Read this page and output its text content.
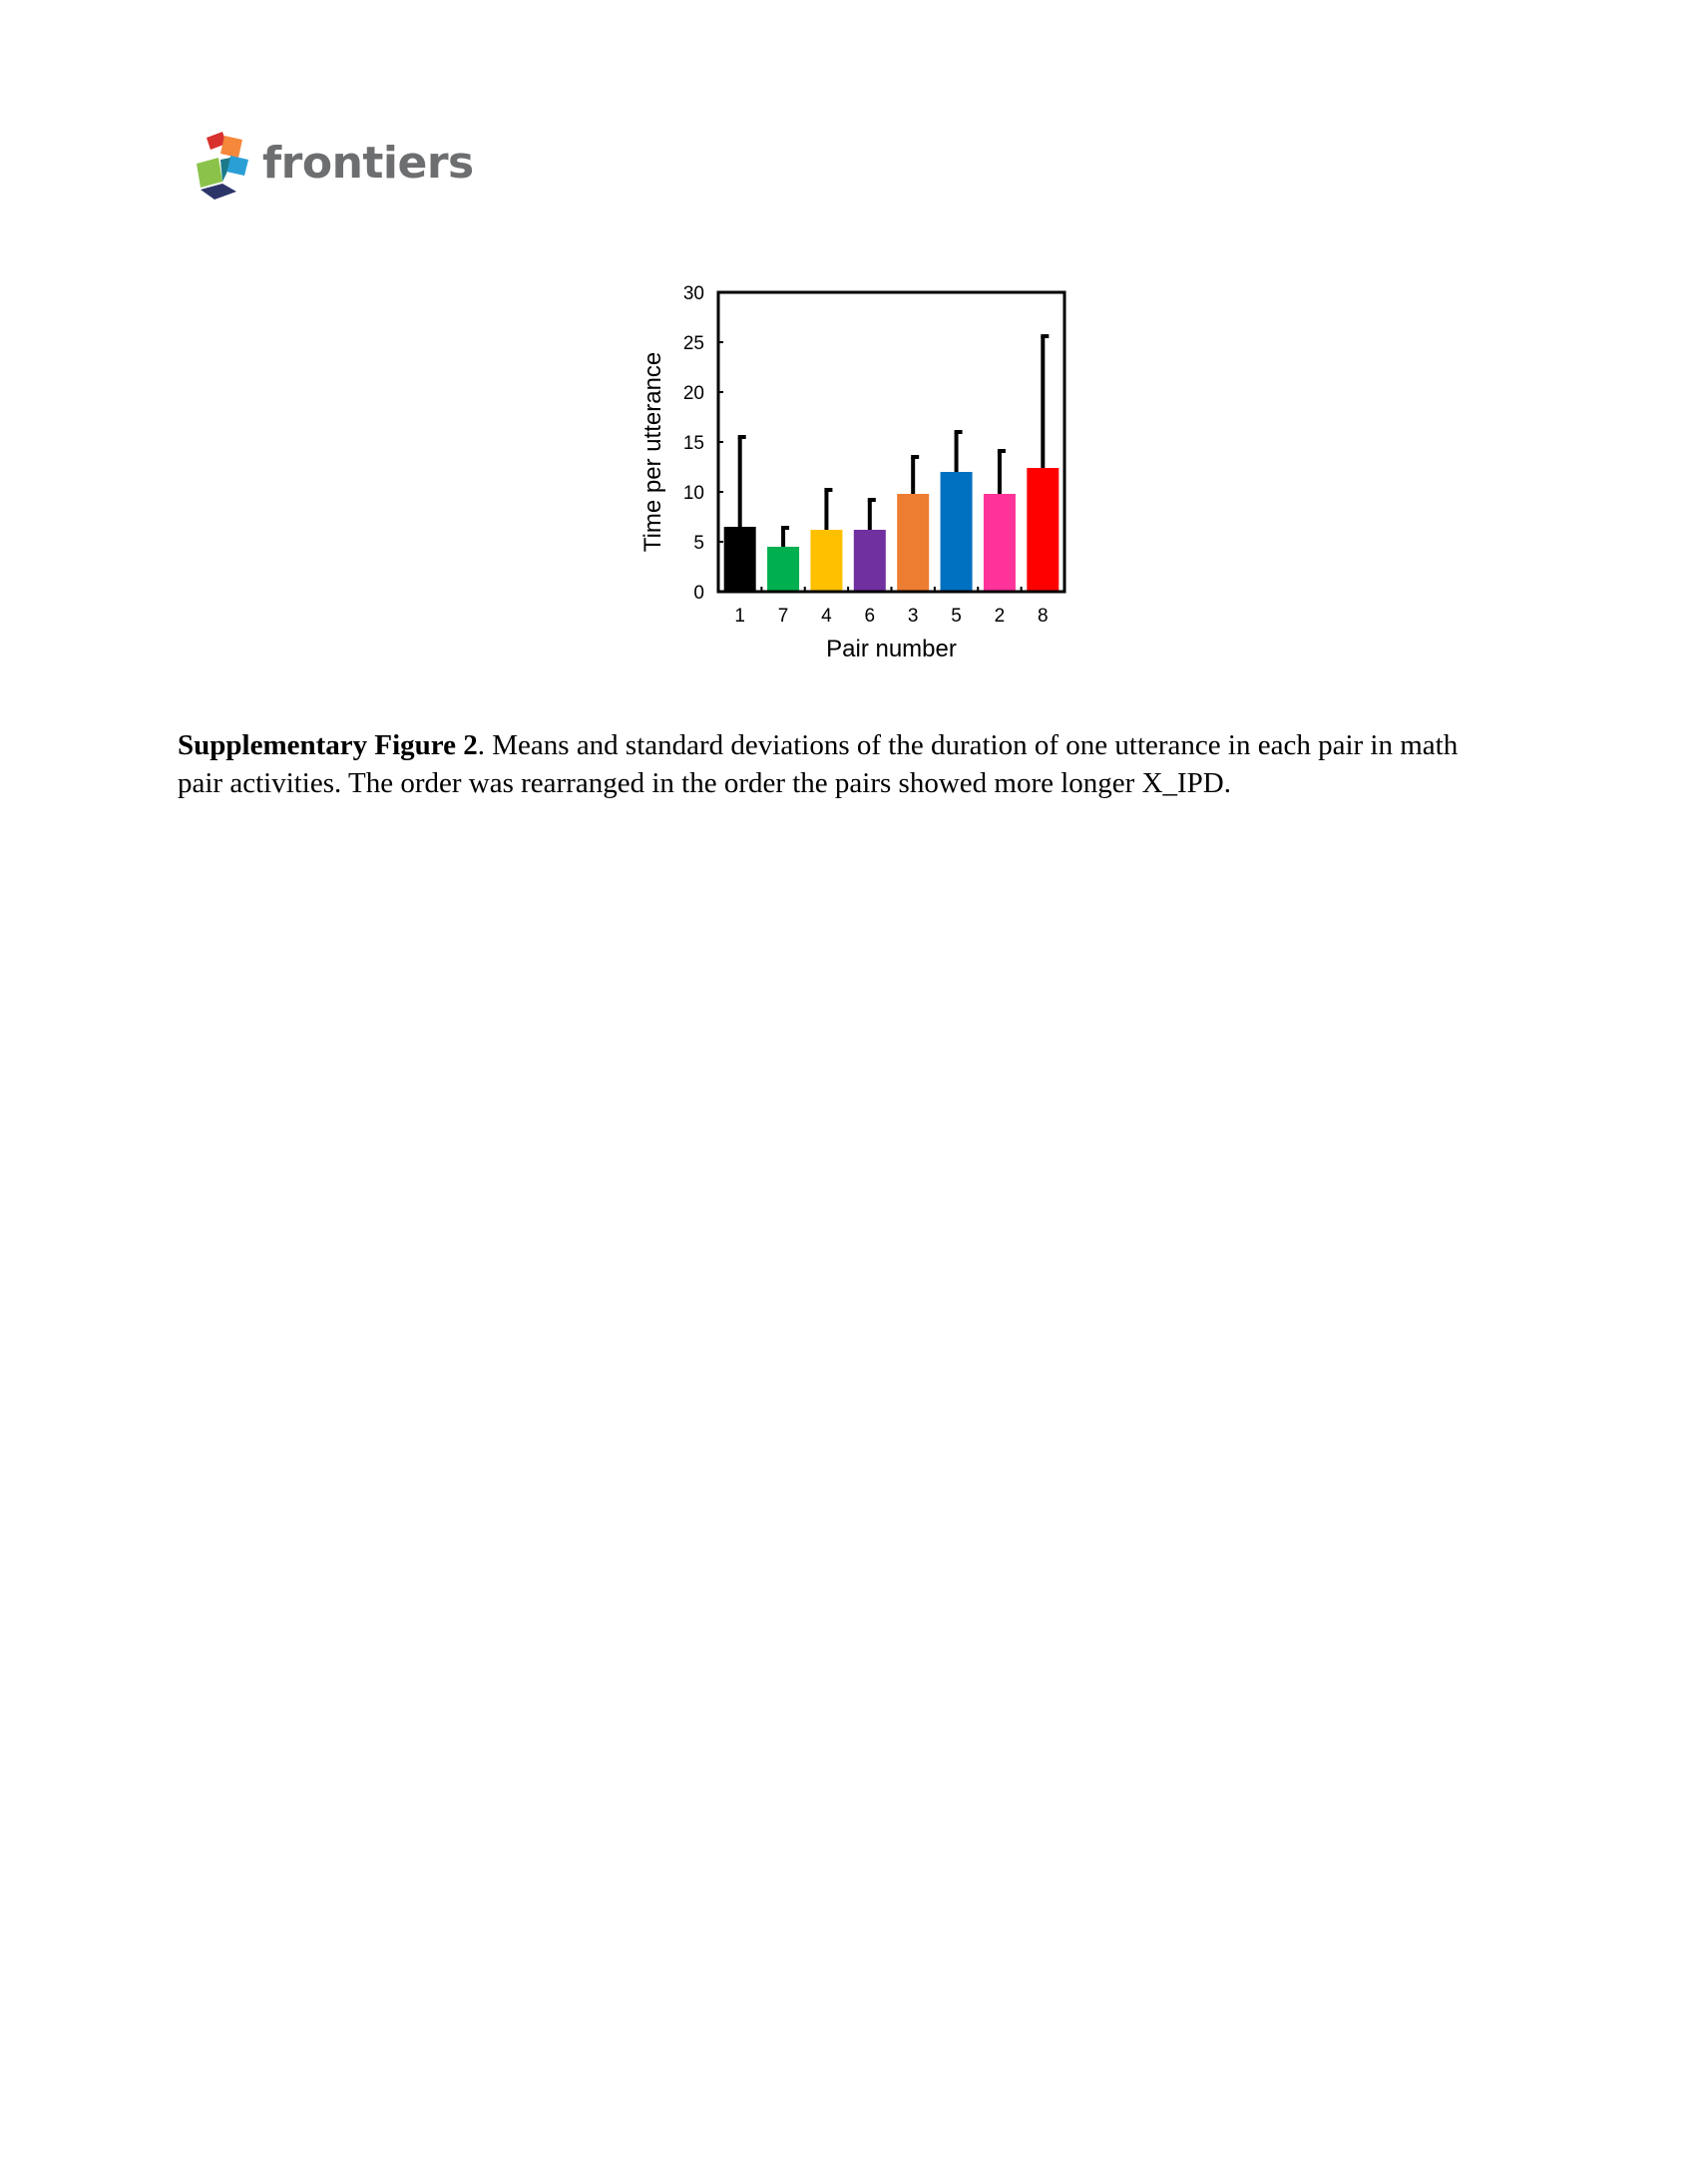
frontiers
0
5
10
15
20
25
30
1 7 4 6 3 5 2 8
Pair number
Time per utterance
Supplementary Figure 2. Means and standard deviations of the duration of one utterance in each pair in math pair activities. The order was rearranged in the order the pairs showed more longer X_IPD.
